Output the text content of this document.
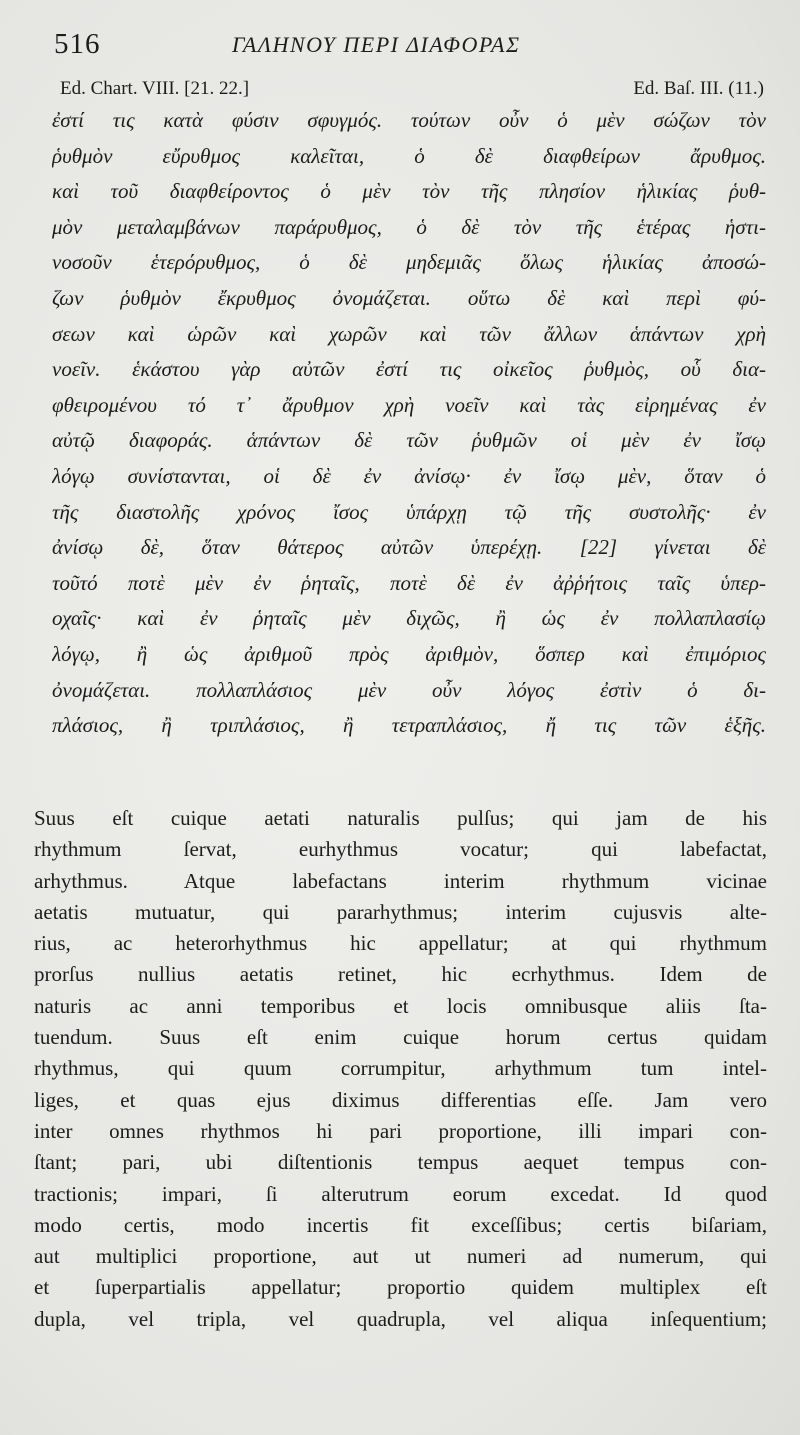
516	ΓΑΛΗΝΟΥ ΠΕΡΙ ΔΙΑΦΟΡΑΣ
Ed. Chart. VIII. [21. 22.]	Ed. Baſ. III. (11.)
ἐστί τις κατὰ φύσιν σφυγμός. τούτων οὖν ὁ μὲν σώζων τὸν
ῥυθμὸν εὔρυθμος καλεῖται, ὁ δὲ διαφθείρων ἄρυθμος.
καὶ τοῦ διαφθείροντος ὁ μὲν τὸν τῆς πλησίον ἡλικίας ῥυθ-
μὸν μεταλαμβάνων παράρυθμος, ὁ δὲ τὸν τῆς ἑτέρας ἡστι-
νοσοῦν ἑτερόρυθμος, ὁ δὲ μηδεμιᾶς ὅλως ἡλικίας ἀποσώ-
ζων ῥυθμὸν ἔκρυθμος ὀνομάζεται. οὕτω δὲ καὶ περὶ φύ-
σεων καὶ ὡρῶν καὶ χωρῶν καὶ τῶν ἄλλων ἁπάντων χρὴ
νοεῖν. ἑκάστου γὰρ αὐτῶν ἐστί τις οἰκεῖος ῥυθμὸς, οὗ δια-
φθειρομένου τό τ᾽ ἄρυθμον χρὴ νοεῖν καὶ τὰς εἰρημένας ἐν
αὐτῷ διαφοράς. ἁπάντων δὲ τῶν ῥυθμῶν οἱ μὲν ἐν ἴσῳ
λόγῳ συνίστανται, οἱ δὲ ἐν ἀνίσῳ· ἐν ἴσῳ μὲν, ὅταν ὁ
τῆς διαστολῆς χρόνος ἴσος ὑπάρχῃ τῷ τῆς συστολῆς· ἐν
ἀνίσῳ δὲ, ὅταν θάτερος αὐτῶν ὑπερέχῃ. [22] γίνεται δὲ
τοῦτό ποτὲ μὲν ἐν ῥηταῖς, ποτὲ δὲ ἐν ἀῤῥήτοις ταῖς ὑπερ-
οχαῖς· καὶ ἐν ῥηταῖς μὲν διχῶς, ἢ ὡς ἐν πολλαπλασίῳ
λόγῳ, ἢ ὡς ἀριθμοῦ πρὸς ἀριθμὸν, ὅσπερ καὶ ἐπιμόριος
ὀνομάζεται. πολλαπλάσιος μὲν οὖν λόγος ἐστὶν ὁ δι-
πλάσιος, ἢ τριπλάσιος, ἢ τετραπλάσιος, ἤ τις τῶν ἑξῆς.
Suus eſt cuique aetati naturalis pulſus; qui jam de his
rhythmum ſervat, eurhythmus vocatur; qui labefactat,
arhythmus. Atque labefactans interim rhythmum vicinae
aetatis mutuatur, qui pararhythmus; interim cujusvis alte-
rius, ac heterorhythmus hic appellatur; at qui rhythmum
prorſus nullius aetatis retinet, hic ecrhythmus. Idem de
naturis ac anni temporibus et locis omnibusque aliis ſta-
tuendum. Suus eſt enim cuique horum certus quidam
rhythmus, qui quum corrumpitur, arhythmum tum intel-
liges, et quas ejus diximus differentias eſſe. Jam vero
inter omnes rhythmos hi pari proportione, illi impari con-
ſtant; pari, ubi diſtentionis tempus aequet tempus con-
tractionis; impari, ſi alterutrum eorum excedat. Id quod
modo certis, modo incertis fit exceſſibus; certis biſariam,
aut multiplici proportione, aut ut numeri ad numerum, qui
et ſuperpartialis appellatur; proportio quidem multiplex eſt
dupla, vel tripla, vel quadrupla, vel aliqua inſequentium;
